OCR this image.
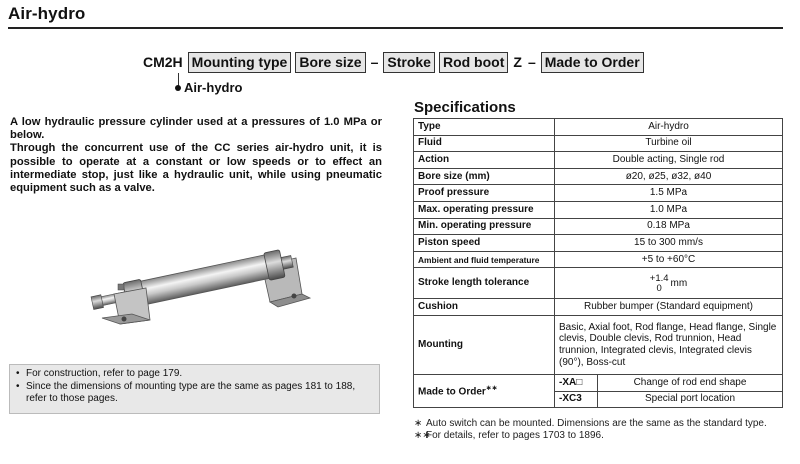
Air-hydro
CM2H Mounting type Bore size – Stroke Rod boot Z – Made to Order
Air-hydro

A low hydraulic pressure cylinder used at a pressures of 1.0 MPa or below.

Through the concurrent use of the CC series air-hydro unit, it is possible to operate at a constant or low speeds or to effect an intermediate stop, just like a hydraulic unit, while using pneumatic equipment such as a valve.

• For construction, refer to page 179.
• Since the dimensions of mounting type are the same as pages 181 to 188, refer to those pages.
Specifications
Type	Air-hydro	
Fluid	Turbine oil	
Action	Double acting, Single rod	
Bore size (mm)	ø20, ø25, ø32, ø40	
Proof pressure	1.5 MPa	
Max. operating pressure	1.0 MPa	
Min. operating pressure	0.18 MPa	
Piston speed	15 to 300 mm/s	
Ambient and fluid temperature	+5 to +60°C	
Stroke length tolerance	+1.4
0 mm	

Cushion	Rubber bumper (Standard equipment)	
Mounting	Basic, Axial foot, Rod flange, Head flange, Single clevis, Double clevis, Rod trunnion, Head trunnion, Integrated clevis, Integrated clevis (90°), Boss-cut	
Made to Order∗∗	-XA□	Change of rod end shape
	-XC3	Special port location
∗ Auto switch can be mounted. Dimensions are the same as the standard type.
∗∗
For details, refer to pages 1703 to 1896.
